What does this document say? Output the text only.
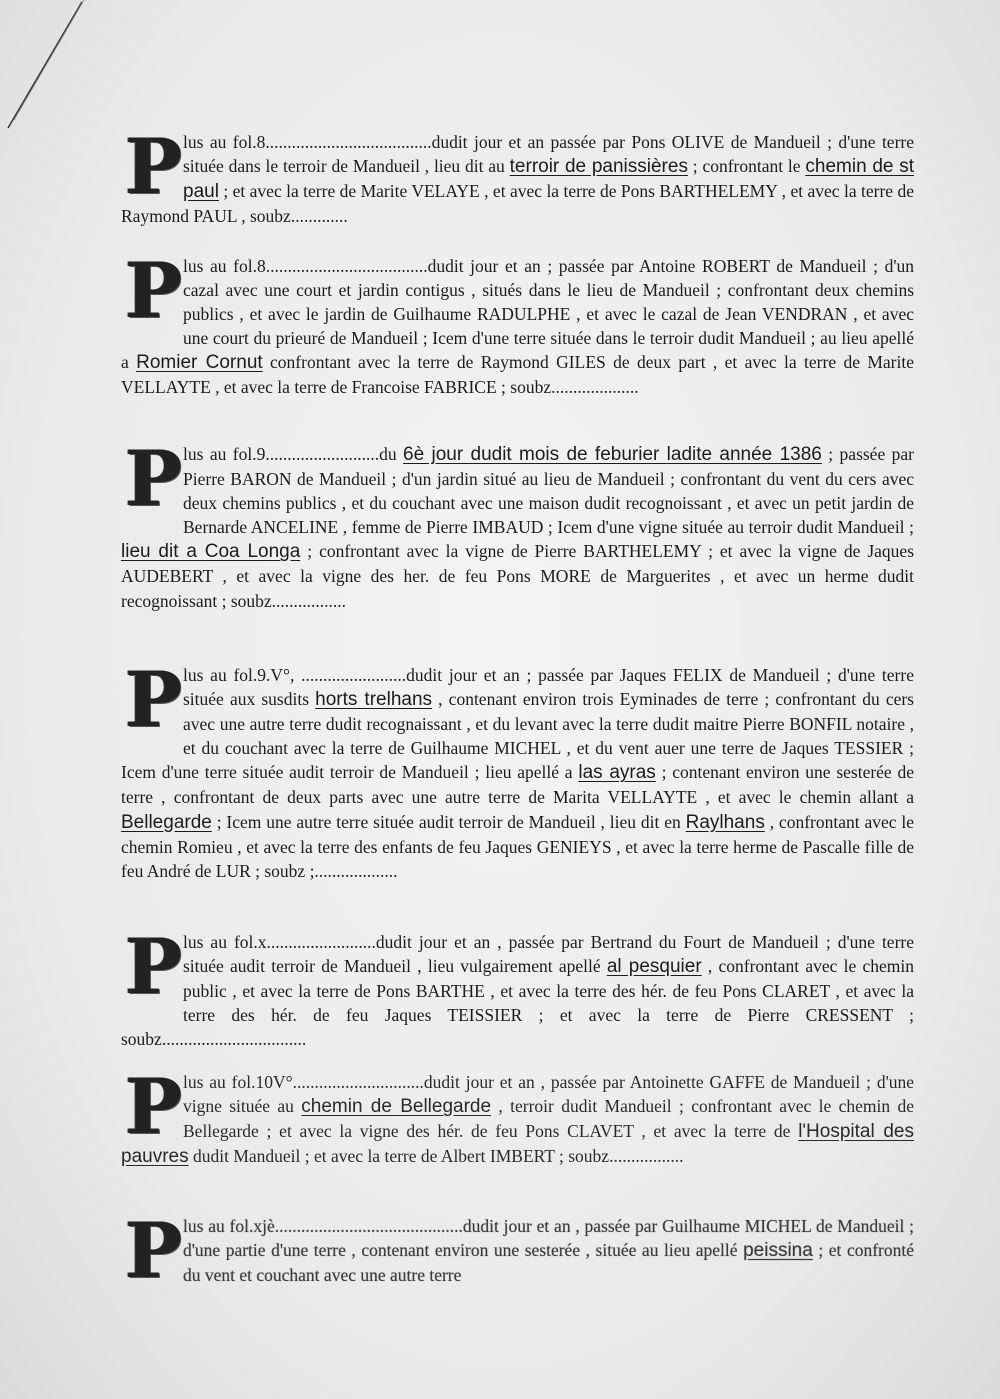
Plus au fol.8......................................dudit jour et an passée par Pons OLIVE de Mandueil ; d'une terre située dans le terroir de Mandueil , lieu dit au terroir de panissières ; confrontant le chemin de st paul ; et avec la terre de Marite VELAYE , et avec la terre de Pons BARTHELEMY , et avec la terre de Raymond PAUL , soubz.............
Plus au fol.8.....................................dudit jour et an ; passée par Antoine ROBERT de Mandueil ; d'un cazal avec une court et jardin contigus , situés dans le lieu de Mandueil ; confrontant deux chemins publics , et avec le jardin de Guilhaume RADULPHE , et avec le cazal de Jean VENDRAN , et avec une court du prieuré de Mandueil ; Icem d'une terre située dans le terroir dudit Mandueil ; au lieu apellé a Romier Cornut confrontant avec la terre de Raymond GILES de deux part , et avec la terre de Marite VELLAYTE , et avec la terre de Francoise FABRICE ; soubz....................
Plus au fol.9..........................du 6è jour dudit mois de feburier ladite année 1386 ; passée par Pierre BARON de Mandueil ; d'un jardin situé au lieu de Mandueil ; confrontant du vent du cers avec deux chemins publics , et du couchant avec une maison dudit recognoissant , et avec un petit jardin de Bernarde ANCELINE , femme de Pierre IMBAUD ; Icem d'une vigne située au terroir dudit Mandueil ; lieu dit a Coa Longa ; confrontant avec la vigne de Pierre BARTHELEMY ; et avec la vigne de Jaques AUDEBERT , et avec la vigne des her. de feu Pons MORE de Marguerites , et avec un herme dudit recognoissant ; soubz.................
Plus au fol.9.V°, ........................dudit jour et an ; passée par Jaques FELIX de Mandueil ; d'une terre située aux susdits horts trelhans , contenant environ trois Eyminades de terre ; confrontant du cers avec une autre terre dudit recognaissant , et du levant avec la terre dudit maitre Pierre BONFIL notaire , et du couchant avec la terre de Guilhaume MICHEL , et du vent auer une terre de Jaques TESSIER ; Icem d'une terre située audit terroir de Mandueil ; lieu apellé a las ayras ; contenant environ une sesterée de terre , confrontant de deux parts avec une autre terre de Marita VELLAYTE , et avec le chemin allant a Bellegarde ; Icem une autre terre située audit terroir de Mandueil , lieu dit en Raylhans , confrontant avec le chemin Romieu , et avec la terre des enfants de feu Jaques GENIEYS , et avec la terre herme de Pascalle fille de feu André de LUR ; soubz ;...................
Plus au fol.x.........................dudit jour et an , passée par Bertrand du Fourt de Mandueil ; d'une terre située audit terroir de Mandueil , lieu vulgairement apellé al pesquier , confrontant avec le chemin public , et avec la terre de Pons BARTHE , et avec la terre des hér. de feu Pons CLARET , et avec la terre des hér. de feu Jaques TEISSIER ; et avec la terre de Pierre CRESSENT ; soubz.................................
Plus au fol.10V°..............................dudit jour et an , passée par Antoinette GAFFE de Mandueil ; d'une vigne située au chemin de Bellegarde , terroir dudit Mandueil ; confrontant avec le chemin de Bellegarde ; et avec la vigne des hér. de feu Pons CLAVET , et avec la terre de l'Hospital des pauvres dudit Mandueil ; et avec la terre de Albert IMBERT ; soubz.................
Plus au fol.xjè...........................................dudit jour et an , passée par Guilhaume MICHEL de Mandueil ; d'une partie d'une terre , contenant environ une sesterée , située au lieu apellé peissina ; et confronté du vent et couchant avec une autre terre
